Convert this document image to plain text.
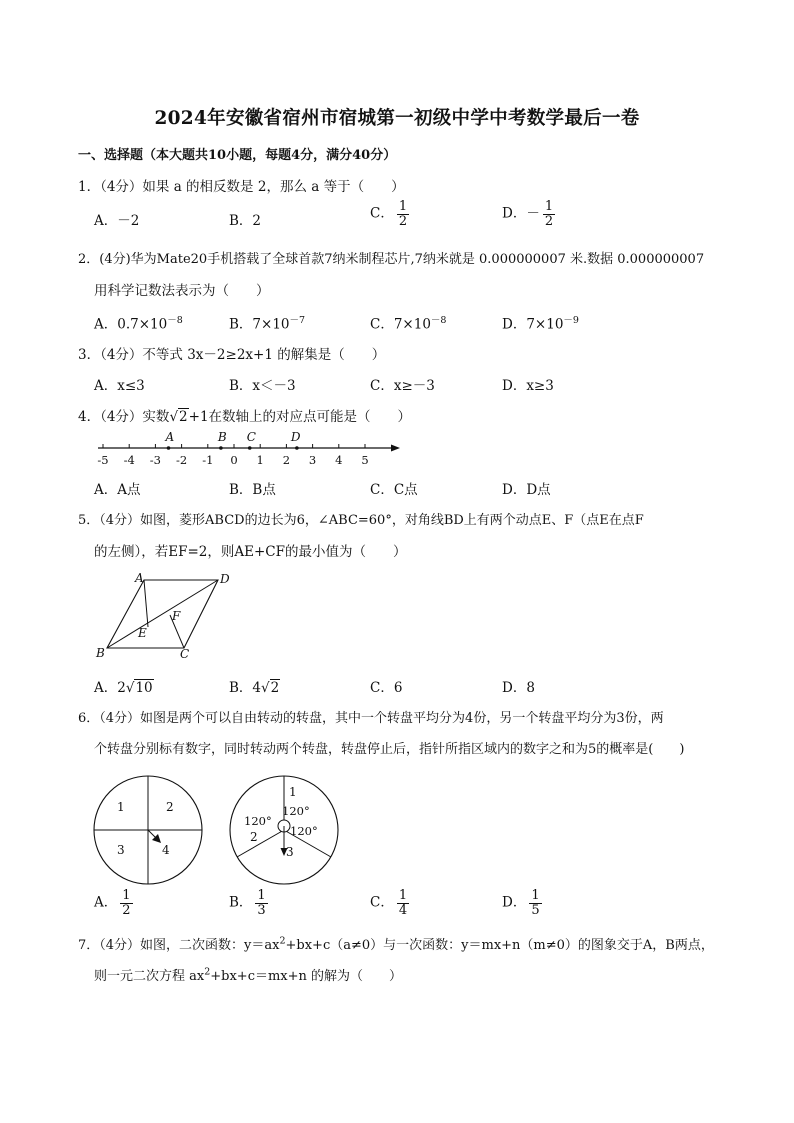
2024年安徽省宿州市宿城第一初级中学中考数学最后一卷
一、选择题（本大题共10小题，每题4分，满分40分）
1．（4分）如果 a 的相反数是 2，那么 a 等于（　　）
A．－2	B．2	C． $\frac{1}{2}$	D．－ $\frac{1}{2}$
2．(4分)华为Mate20手机搭载了全球首款7纳米制程芯片,7纳米就是 0.000000007 米.数据 0.000000007
用科学记数法表示为（　　）
A．$0.7\times 10^{-8}$	B．$7\times 10^{-7}$	C．$7\times 10^{-8}$	D．$7\times 10^{-9}$
3．（4分）不等式 3x－2≥2x+1 的解集是（　　）
A．x≤3	B．x＜－3	C．x≥－3	D．x≥3
4．（4分）实数√2+1在数轴上的对应点可能是（　　）
-5 -4 -3 -2 -1 0 1 2 3 4 5
A	B C	D
A．A点	B．B点	C．C点	D．D点
5．（4分）如图，菱形ABCD的边长为6，∠ABC=60°，对角线BD上有两个动点E、F（点E在点F
的左侧），若EF=2，则AE+CF的最小值为（　　）
A	D
B	C
E
F
A．2√10	B．4√2	C．6	D．8
6．（4分）如图是两个可以自由转动的转盘，其中一个转盘平均分为4份，另一个转盘平均分为3份，两
个转盘分别标有数字，同时转动两个转盘，转盘停止后，指针所指区域内的数字之和为5的概率是(　　)
1	2
3	4
1
120°
120°
2	120°
3
A． $\frac{1}{2}$	B． $\frac{1}{3}$	C． $\frac{1}{4}$	D． $\frac{1}{5}$
7．（4分）如图，二次函数：$y=ax^2+bx+c(a\ne 0)$与一次函数：y＝mx+n（m≠0）的图象交于A，B两点，
则一元二次方程 $ax^2+bx+c=mx+n$ 的解为（　　）
